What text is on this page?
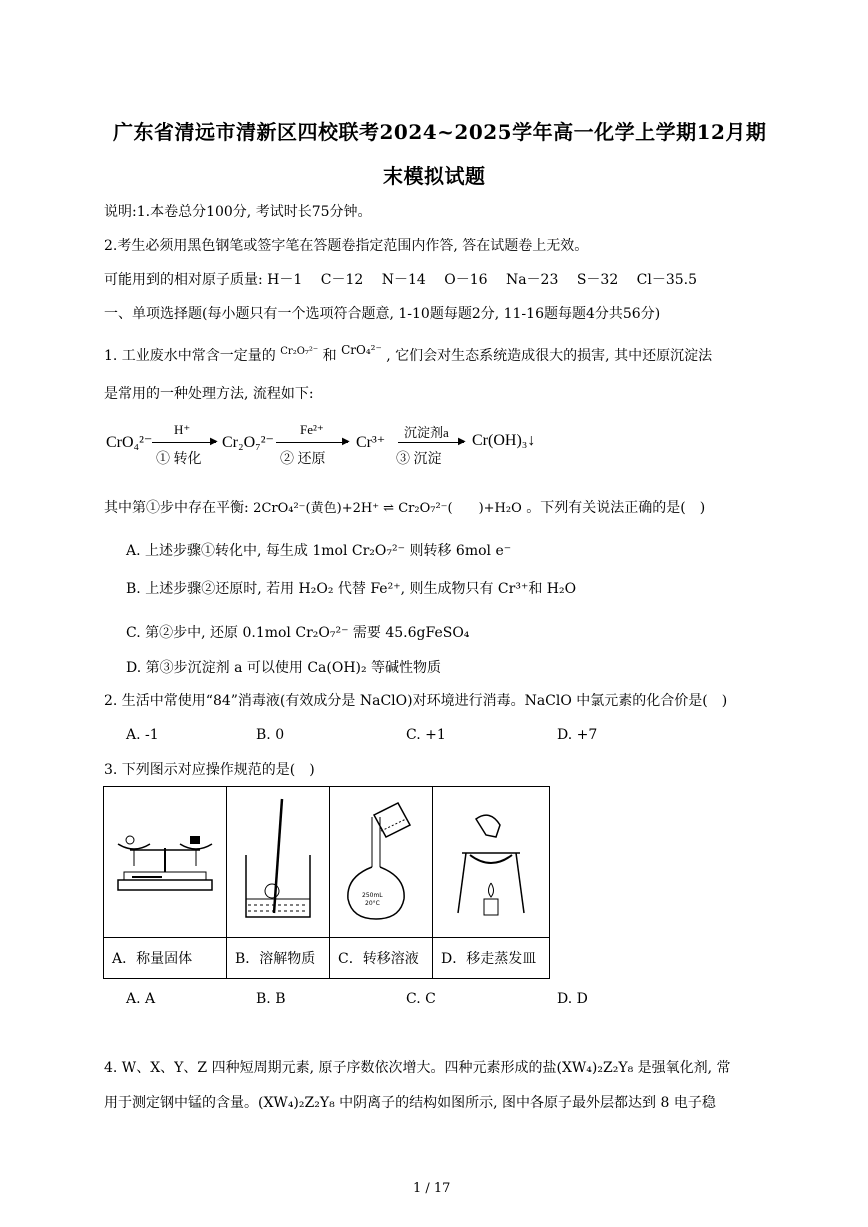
广东省清远市清新区四校联考2024~2025学年高一化学上学期12月期
末模拟试题
说明:1.本卷总分100分, 考试时长75分钟。
2.考生必须用黑色钢笔或签字笔在答题卷指定范围内作答, 答在试题卷上无效。
可能用到的相对原子质量: H－1　 C－12　 N－14　 O－16　 Na－23　 S－32　 Cl－35.5
一、单项选择题(每小题只有一个选项符合题意, 1-10题每题2分, 11-16题每题4分共56分)
1. 工业废水中常含一定量的 $^{Cr_2O_7^{2-}}$ 和 CrO₄²⁻ , 它们会对生态系统造成很大的损害, 其中还原沉淀法
是常用的一种处理方法, 流程如下:
CrO₄²⁻
H⁺
▶
① 转化
Cr₂O₇²⁻
Fe²⁺
▶
② 还原
Cr³⁺
沉淀剂a
▶
③ 沉淀
Cr(OH)₃↓
其中第①步中存在平衡: 2CrO₄²⁻(黄色)+2H⁺ ⇌ Cr₂O₇²⁻(　　)+H₂O 。下列有关说法正确的是(　)
A. 上述步骤①转化中, 每生成 1mol Cr₂O₇²⁻ 则转移 6mol e⁻
B. 上述步骤②还原时, 若用 H₂O₂ 代替 Fe²⁺, 则生成物只有 Cr³⁺和 H₂O
C. 第②步中, 还原 0.1mol Cr₂O₇²⁻ 需要 45.6gFeSO₄
D. 第③步沉淀剂 a 可以使用 Ca(OH)₂ 等碱性物质
2. 生活中常使用“84”消毒液(有效成分是 NaClO)对环境进行消毒。NaClO 中氯元素的化合价是(　)
A. -1	B. 0	C. +1	D. +7
3. 下列图示对应操作规范的是(　)

250mL
20°C

A．称量固体	B．溶解物质	C．转移溶液	D．移走蒸发皿
A. A	B. B	C. C	D. D
4. W、X、Y、Z 四种短周期元素, 原子序数依次增大。四种元素形成的盐(XW₄)₂Z₂Y₈ 是强氧化剂, 常
用于测定钢中锰的含量。(XW₄)₂Z₂Y₈ 中阴离子的结构如图所示, 图中各原子最外层都达到 8 电子稳
1 / 17
